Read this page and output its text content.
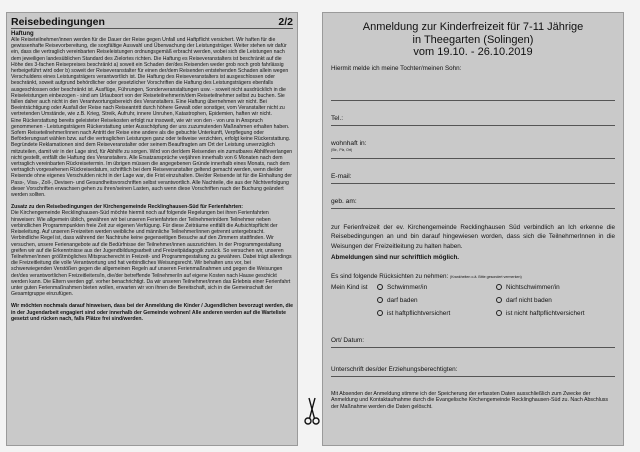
Reisebedingungen	2/2
Haftung

Alle Reiseteilnehmer/innen werden für die Dauer der Reise gegen Unfall und Haftpflicht versichert. Wir haften für die gewissenhafte Reisevorbereitung, die sorgfältige Auswahl und Überwachung der Leistungsträger. Weiter stehen wir dafür ein, dass die vertraglich vereinbarten Reiseleistungen ordnungsgemäß erbracht werden, wobei sich die Leistungen nach dem jeweiligen landesüblichen Standard des Zielortes richten. Die Haftung es Reiseveranstalters ist beschränkt auf die Höhe des 3-fachen Reisepreises beschränkt a) soweit ein Schaden der/des Reisenden weder grob noch grob fahrlässig herbeigeführt wird oder b) soweit der Reiseveranstalter für einen der/dem Reisenden entstehenden Schaden allein wegen Verschuldens eines Leistungsträgers verantwortlich ist. Die Haftung des Reiseveranstalters ist ausgeschlossen oder beschränkt, soweit aufgrund behördlicher oder gesetzlicher Vorschriften die Haftung des Leistungsträgers ebenfalls ausgeschlossen oder beschränkt ist. Ausflüge, Führungen, Sonderveranstaltungen usw. - soweit nicht ausdrücklich in die Reiseleistungen einbezogen - sind am Urlaubsort von der Reiseteilnehmerin/dem Reiseteilnehmer selbst zu buchen. Sie fallen daher auch nicht in den Verantwortungsbereich des Veranstalters. Eine Haftung übernehmen wir nicht. Bei Beeinträchtigung oder Ausfall der Reise nach Reiseantritt durch höhere Gewalt oder sonstiger, vom Veranstalter nicht zu vertretenden Umstände, wie z.B. Krieg, Streik, Aufruhr, innere Unruhen, Katastrophen, Epidemien, haften wir nicht.

Eine Rückerstattung bereits geleisteter Reisekosten erfolgt nur insoweit, wie wir von den - von uns in Anspruch genommenen - Leistungsträgern Rückerstattung unter Ausschöpfung der uns zuzumutenden Maßnahmen erhalten haben. Sofern Reiseteilnehmer/innen nach Antritt der Reise eine andere als die gebuchte Unterkunft, Verpflegung oder Beförderungsart wählen bzw. auf die vertraglichen Leistungen ganz oder teilweise verzichten, erfolgt keine Rückerstattung. Begründete Reklamationen sind dem Reiseveranstalter oder seinem Beauftragten am Ort der Leistung unverzüglich mitzuteilen, damit wir in der Lage sind, für Abhilfe zu sorgen. Wird von der/dem Reisenden ein zumutbares Abhilfeverlangen nicht gestellt, entfällt die Haftung des Veranstalters. Alle Ersatzansprüche verjähren innerhalb von 6 Monaten nach dem vertraglich vereinbarten Rückreisetermin. Im übrigen müssen die angegebenen Gründe innerhalb eines Monats, nach dem vertraglich vorgesehenen Rückreisedatum, schriftlich bei dem Reiseveranstalter geltend gemacht werden, wenn die/der Reisende ohne eigenes Verschulden nicht in der Lage war, die Frist einzuhalten. Die/der Reisende ist für die Einhaltung der Pass-, Visa-, Zoll-, Devisen- und Gesundheitsvorschriften selbst verantwortlich. Alle Nachteile, die aus der Nichtverfolgung dieser Vorschriften erwachsen gehen zu ihren/seinen Lasten, auch wenn diese Vorschriften nach der Buchung geändert werden sollten.

Zusatz zu den Reisebedingungen der Kirchengemeinde Recklinghausen-Süd für Ferienfahrten:

Die Kirchengemeinde Recklinghausen-Süd möchte hiermit noch auf folgende Regelungen bei ihren Ferienfahrten hinweisen: Wie allgemein üblich, gewähren wir bei unseren Ferienfahrten der Teilnehmerin/dem Teilnehmer neben verbindlichen Programmpunkten freie Zeit zur eigenen Verfügung. Für diese Zeiträume entfällt die Aufsichtspflicht der Reiseleitung. Auf unseren Freizeiten werden weibliche und männliche Teilnehmer/innen getrennt untergebracht. Verbindliche Regel ist, dass während der Nachtruhe keine gegenseitigen Besuche auf den Zimmern stattfinden. Wir versuchen, unsere Ferienangebote auf die Bedürfnisse der Teilnehmer/innen auszurichten. In der Programmgestaltung greifen wir auf die Erkenntnisse aus der Jugendbildungsarbeit und Freizeitpädagogik zurück. So versuchen wir, unseren Teilnehmer/innen größtmögliches Mitspracherecht in Freizeit- und Programmgestaltung zu gewähren. Dabei trägt allerdings die Freizeitleitung die volle Verantwortung und hat verbindliches Weisungsrecht. Wir behalten uns vor, bei schwerwiegenden Verstößen gegen die allgemeinen Regeln auf unseren Ferienmaßnahmen und gegen die Weisungen der/des verantwortlichen Freizeitleiters/in, die/der betreffende Teilnehmer/in auf eigene Kosten nach Hause geschickt werden kann. Die Eltern werden ggf. vorher benachrichtigt. Da wir unseren Teilnehmer/innen das Erlebnis einer Ferienfahrt unter guten Ferienmaßnahmen bieten wollen, erwarten wir von ihnen die Bereitschaft, sich in die Gemeinschaft der Gesamtgruppe einzufügen.

Wir möchten nochmals darauf hinweisen, dass bei der Anmeldung die Kinder / Jugendlichen bevorzugt werden, die in der Jugendarbeit engagiert sind oder innerhalb der Gemeinde wohnen! Alle anderen werden auf die Warteliste gesetzt und rücken nach, falls Plätze frei sind/werden.

Anmeldung zur Kinderfreizeit für 7-11 Jährige
in Theegarten (Solingen)
vom 19.10. - 26.10.2019

Hiermit melde ich meine Tochter/meinen Sohn:

Tel.:
wohnhaft in:
(Str., Plz, Ort)
E-mail:
geb. am:

zur Ferienfreizeit der ev. Kirchengemeinde Recklinghausen Süd verbindlich an Ich erkenne die Reisebedingungen an und bin darauf hingewiesen worden, dass sich die TeilnehmerInnen in die Weisungen der Freizeitleitung zu halten haben.

Abmeldungen sind nur schriftlich möglich.

Es sind folgende Rücksichten zu nehmen: (Krankheiten o.ä. Bitte gesondert vermerken)
Mein Kind ist	Schwimmer/in	Nichtschwimmer/in
darf baden	darf nicht baden
ist haftpflichtversichert	ist nicht haftpflichtversichert
Ort/ Datum:
Unterschrift des/der Erziehungsberechtigten:
Mit Absenden der Anmeldung stimme ich der Speicherung der erfassten Daten ausschließlich zum Zwecke der Anmeldung und Kontaktaufnahme durch die Evangelische Kirchengemeinde Recklinghausen-Süd zu. Nach Abschluss der Maßnahme werden die Daten gelöscht.
